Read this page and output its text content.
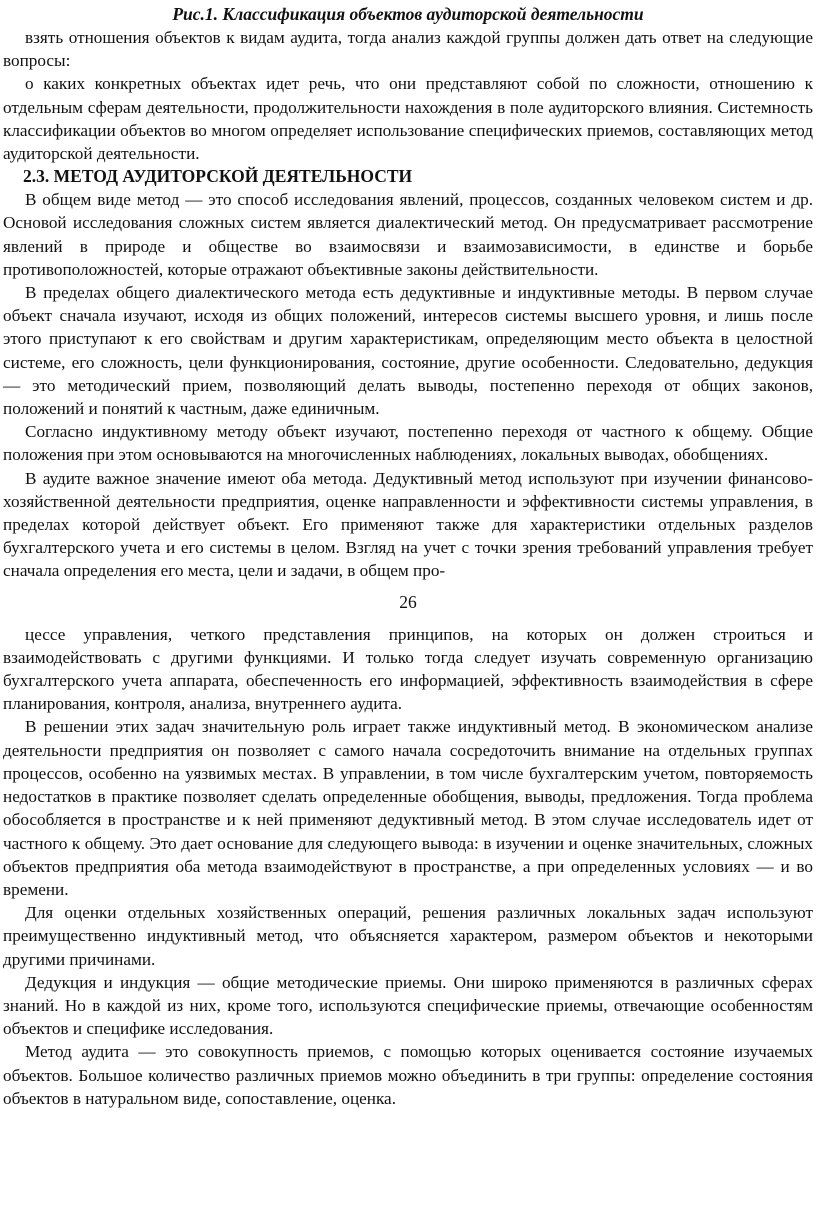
Рис.1. Классификация объектов аудиторской деятельности

взять отношения объектов к видам аудита, тогда анализ каждой группы должен дать ответ на следующие вопросы:

о каких конкретных объектах идет речь, что они представляют собой по сложности, отношению к отдельным сферам деятельности, продолжительности нахождения в поле аудиторского влияния. Системность классификации объектов во многом определяет использование специфических приемов, составляющих метод аудиторской деятельности.

2.3. МЕТОД АУДИТОРСКОЙ ДЕЯТЕЛЬНОСТИ

В общем виде метод — это способ исследования явлений, процессов, созданных человеком систем и др. Основой исследования сложных систем является диалектический метод. Он предусматривает рассмотрение явлений в природе и обществе во взаимосвязи и взаимозависимости, в единстве и борьбе противоположностей, которые отражают объективные законы действительности.

В пределах общего диалектического метода есть дедуктивные и индуктивные методы. В первом случае объект сначала изучают, исходя из общих положений, интересов системы высшего уровня, и лишь после этого приступают к его свойствам и другим характеристикам, определяющим место объекта в целостной системе, его сложность, цели функционирования, состояние, другие особенности. Следовательно, дедукция — это методический прием, позволяющий делать выводы, постепенно переходя от общих законов, положений и понятий к частным, даже единичным.

Согласно индуктивному методу объект изучают, постепенно переходя от частного к общему. Общие положения при этом основываются на многочисленных наблюдениях, локальных выводах, обобщениях.

В аудите важное значение имеют оба метода. Дедуктивный метод используют при изучении финансово-хозяйственной деятельности предприятия, оценке направленности и эффективности системы управления, в пределах которой действует объект. Его применяют также для характеристики отдельных разделов бухгалтерского учета и его системы в целом. Взгляд на учет с точки зрения требований управления требует сначала определения его места, цели и задачи, в общем про-

26

цессе управления, четкого представления принципов, на которых он должен строиться и взаимодействовать с другими функциями. И только тогда следует изучать современную организацию бухгалтерского учета аппарата, обеспеченность его информацией, эффективность взаимодействия в сфере планирования, контроля, анализа, внутреннего аудита.

В решении этих задач значительную роль играет также индуктивный метод. В экономическом анализе деятельности предприятия он позволяет с самого начала сосредоточить внимание на отдельных группах процессов, особенно на уязвимых местах. В управлении, в том числе бухгалтерским учетом, повторяемость недостатков в практике позволяет сделать определенные обобщения, выводы, предложения. Тогда проблема обособляется в пространстве и к ней применяют дедуктивный метод. В этом случае исследователь идет от частного к общему. Это дает основание для следующего вывода: в изучении и оценке значительных, сложных объектов предприятия оба метода взаимодействуют в пространстве, а при определенных условиях — и во времени.

Для оценки отдельных хозяйственных операций, решения различных локальных задач используют преимущественно индуктивный метод, что объясняется характером, размером объектов и некоторыми другими причинами.

Дедукция и индукция — общие методические приемы. Они широко применяются в различных сферах знаний. Но в каждой из них, кроме того, используются специфические приемы, отвечающие особенностям объектов и специфике исследования.

Метод аудита — это совокупность приемов, с помощью которых оценивается состояние изучаемых объектов. Большое количество различных приемов можно объединить в три группы: определение состояния объектов в натуральном виде, сопоставление, оценка.
